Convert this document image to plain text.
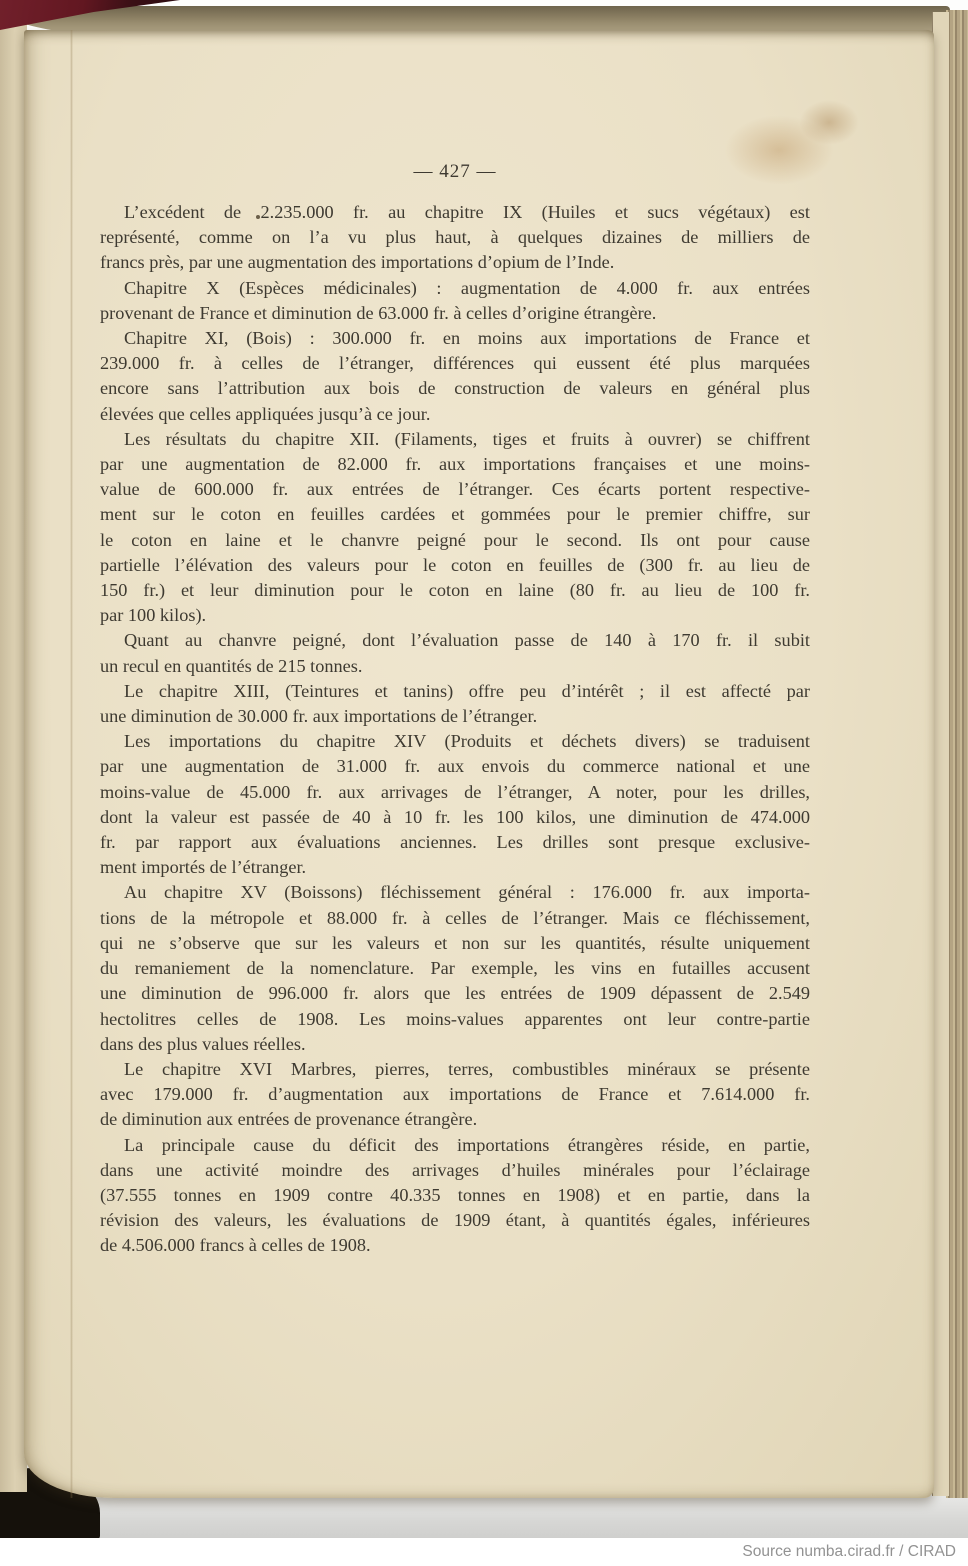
— 427 —
L’excédent de 2.235.000 fr. au chapitre IX (Huiles et sucs végétaux) est
représenté, comme on l’a vu plus haut, à quelques dizaines de milliers de
francs près, par une augmentation des importations d’opium de l’Inde.
Chapitre X (Espèces médicinales) : augmentation de 4.000 fr. aux entrées
provenant de France et diminution de 63.000 fr. à celles d’origine étrangère.
Chapitre XI, (Bois) : 300.000 fr. en moins aux importations de France et
239.000 fr. à celles de l’étranger, différences qui eussent été plus marquées
encore sans l’attribution aux bois de construction de valeurs en général plus
élevées que celles appliquées jusqu’à ce jour.
Les résultats du chapitre XII. (Filaments, tiges et fruits à ouvrer) se chiffrent
par une augmentation de 82.000 fr. aux importations françaises et une moins-
value de 600.000 fr. aux entrées de l’étranger. Ces écarts portent respective-
ment sur le coton en feuilles cardées et gommées pour le premier chiffre, sur
le coton en laine et le chanvre peigné pour le second. Ils ont pour cause
partielle l’élévation des valeurs pour le coton en feuilles de (300 fr. au lieu de
150 fr.) et leur diminution pour le coton en laine (80 fr. au lieu de 100 fr.
par 100 kilos).
Quant au chanvre peigné, dont l’évaluation passe de 140 à 170 fr. il subit
un recul en quantités de 215 tonnes.
Le chapitre XIII, (Teintures et tanins) offre peu d’intérêt ; il est affecté par
une diminution de 30.000 fr. aux importations de l’étranger.
Les importations du chapitre XIV (Produits et déchets divers) se traduisent
par une augmentation de 31.000 fr. aux envois du commerce national et une
moins-value de 45.000 fr. aux arrivages de l’étranger, A noter, pour les drilles,
dont la valeur est passée de 40 à 10 fr. les 100 kilos, une diminution de 474.000
fr. par rapport aux évaluations anciennes. Les drilles sont presque exclusive-
ment importés de l’étranger.
Au chapitre XV (Boissons) fléchissement général : 176.000 fr. aux importa-
tions de la métropole et 88.000 fr. à celles de l’étranger. Mais ce fléchissement,
qui ne s’observe que sur les valeurs et non sur les quantités, résulte uniquement
du remaniement de la nomenclature. Par exemple, les vins en futailles accusent
une diminution de 996.000 fr. alors que les entrées de 1909 dépassent de 2.549
hectolitres celles de 1908. Les moins-values apparentes ont leur contre-partie
dans des plus values réelles.
Le chapitre XVI Marbres, pierres, terres, combustibles minéraux se présente
avec 179.000 fr. d’augmentation aux importations de France et 7.614.000 fr.
de diminution aux entrées de provenance étrangère.
La principale cause du déficit des importations étrangères réside, en partie,
dans une activité moindre des arrivages d’huiles minérales pour l’éclairage
(37.555 tonnes en 1909 contre 40.335 tonnes en 1908) et en partie, dans la
révision des valeurs, les évaluations de 1909 étant, à quantités égales, inférieures
de 4.506.000 francs à celles de 1908.
Source numba.cirad.fr / CIRAD
